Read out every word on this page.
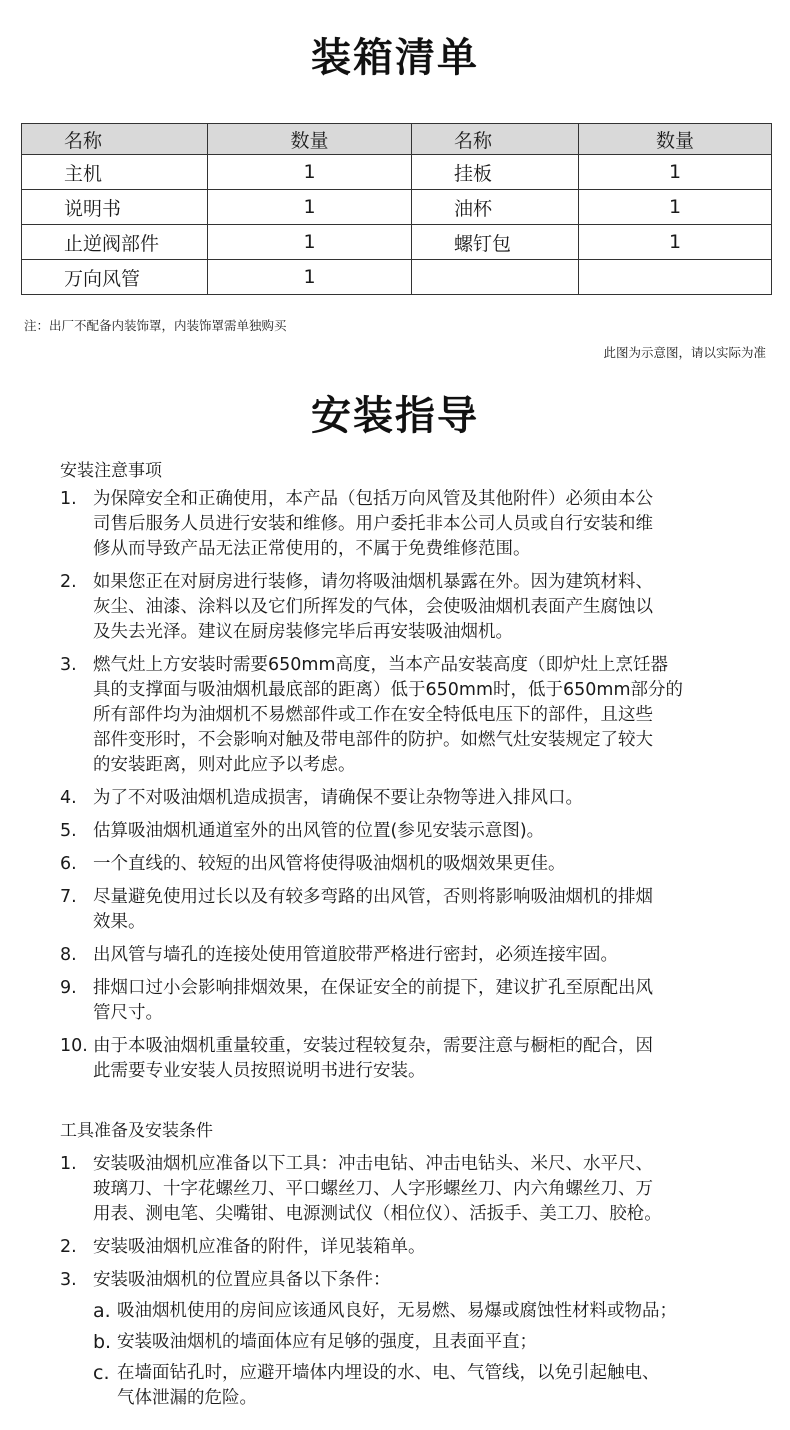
装箱清单
名称	数量	名称	数量
主机	1	挂板	1
说明书	1	油杯	1
止逆阀部件	1	螺钉包	1
万向风管	1		
注：出厂不配备内装饰罩，内装饰罩需单独购买
此图为示意图，请以实际为准
安装指导
安装注意事项
1. 为保障安全和正确使用，本产品（包括万向风管及其他附件）必须由本公
司售后服务人员进行安装和维修。用户委托非本公司人员或自行安装和维
修从而导致产品无法正常使用的，不属于免费维修范围。
2. 如果您正在对厨房进行装修，请勿将吸油烟机暴露在外。因为建筑材料、
灰尘、油漆、涂料以及它们所挥发的气体，会使吸油烟机表面产生腐蚀以
及失去光泽。建议在厨房装修完毕后再安装吸油烟机。
3. 燃气灶上方安装时需要650mm高度，当本产品安装高度（即炉灶上烹饪器
具的支撑面与吸油烟机最底部的距离）低于650mm时，低于650mm部分的
所有部件均为油烟机不易燃部件或工作在安全特低电压下的部件，且这些
部件变形时，不会影响对触及带电部件的防护。如燃气灶安装规定了较大
的安装距离，则对此应予以考虑。
4. 为了不对吸油烟机造成损害，请确保不要让杂物等进入排风口。
5. 估算吸油烟机通道室外的出风管的位置(参见安装示意图)。
6. 一个直线的、较短的出风管将使得吸油烟机的吸烟效果更佳。
7. 尽量避免使用过长以及有较多弯路的出风管，否则将影响吸油烟机的排烟
效果。
8. 出风管与墙孔的连接处使用管道胶带严格进行密封，必须连接牢固。
9. 排烟口过小会影响排烟效果，在保证安全的前提下，建议扩孔至原配出风
管尺寸。
10. 由于本吸油烟机重量较重，安装过程较复杂，需要注意与橱柜的配合，因
此需要专业安装人员按照说明书进行安装。
工具准备及安装条件
1. 安装吸油烟机应准备以下工具：冲击电钻、冲击电钻头、米尺、水平尺、
玻璃刀、十字花螺丝刀、平口螺丝刀、人字形螺丝刀、内六角螺丝刀、万
用表、测电笔、尖嘴钳、电源测试仪（相位仪）、活扳手、美工刀、胶枪。
2. 安装吸油烟机应准备的附件，详见装箱单。
3. 安装吸油烟机的位置应具备以下条件：
a. 吸油烟机使用的房间应该通风良好，无易燃、易爆或腐蚀性材料或物品；
b. 安装吸油烟机的墙面体应有足够的强度，且表面平直；
c. 在墙面钻孔时，应避开墙体内埋设的水、电、气管线，以免引起触电、
气体泄漏的危险。
